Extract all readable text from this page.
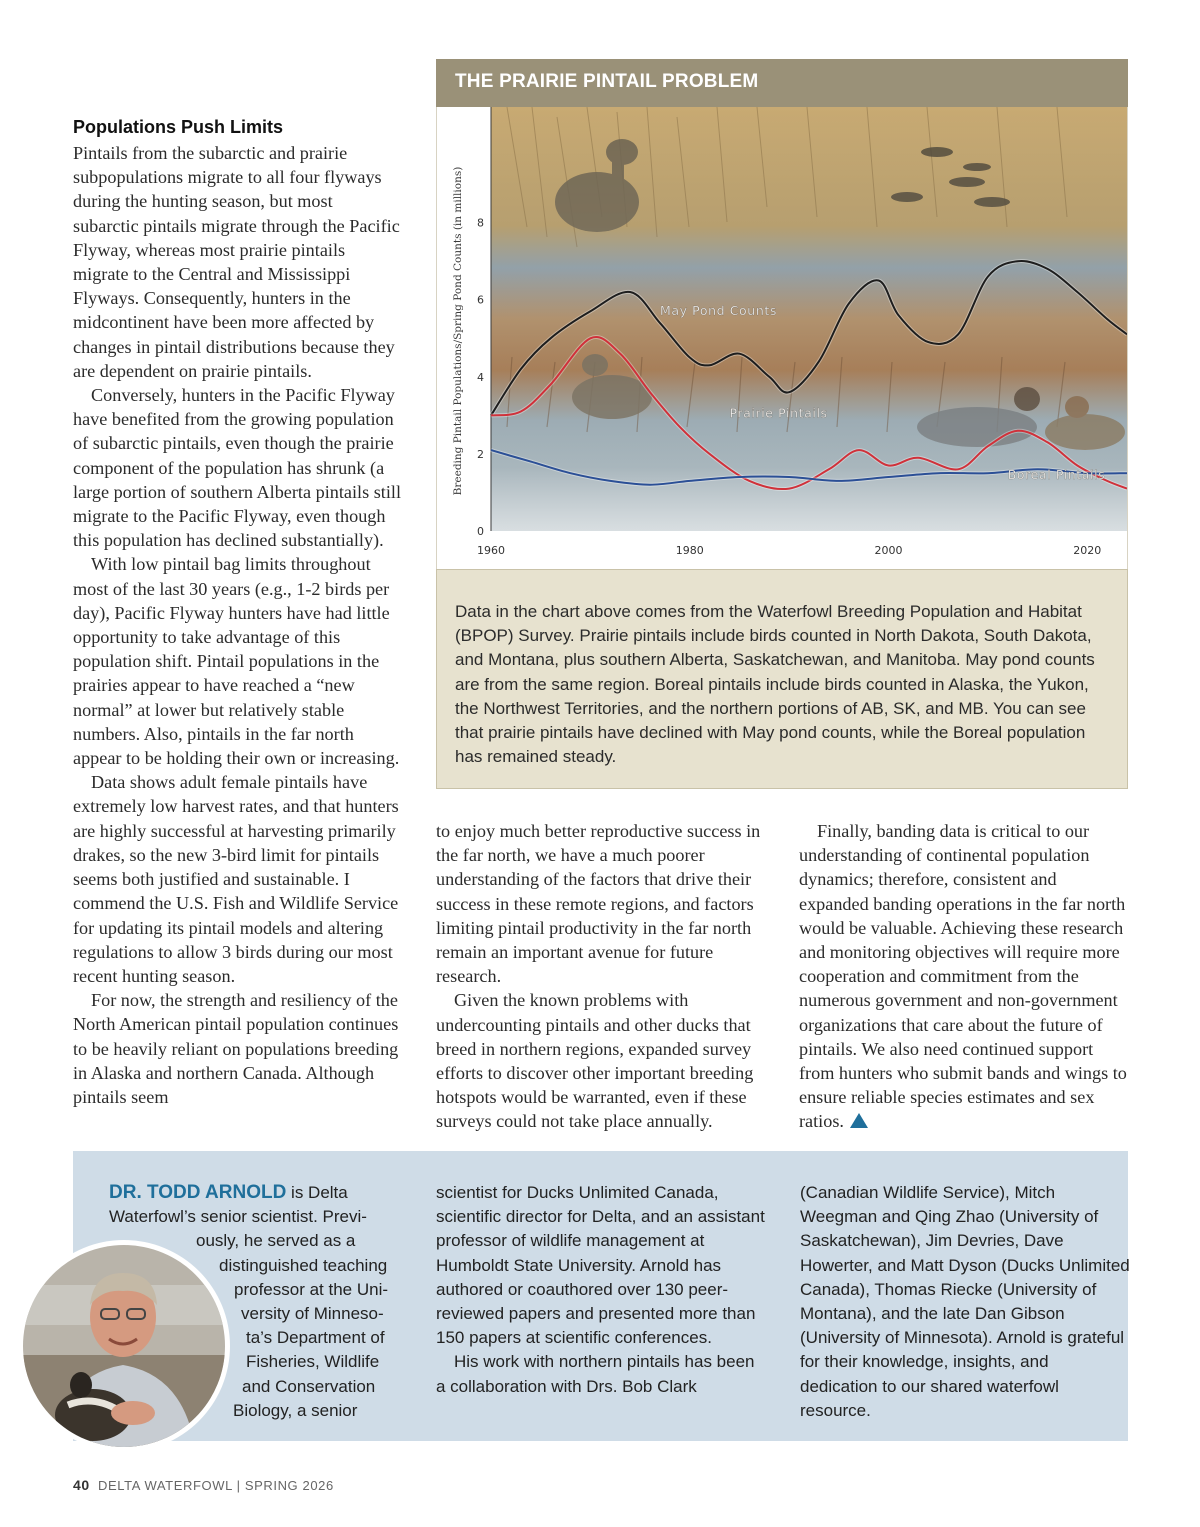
Populations Push Limits

Pintails from the subarctic and prairie subpopulations migrate to all four flyways during the hunting season, but most subarctic pintails migrate through the Pacific Flyway, whereas most prairie pintails migrate to the Central and Mississippi Flyways. Consequently, hunters in the midcontinent have been more affected by changes in pintail distributions because they are dependent on prairie pintails.

Conversely, hunters in the Pacific Flyway have benefited from the growing population of subarctic pintails, even though the prairie component of the population has shrunk (a large portion of southern Alberta pintails still migrate to the Pacific Flyway, even though this population has declined substantially).

With low pintail bag limits throughout most of the last 30 years (e.g., 1-2 birds per day), Pacific Flyway hunters have had little opportunity to take advantage of this population shift. Pintail populations in the prairies appear to have reached a “new normal” at lower but relatively stable numbers. Also, pintails in the far north appear to be holding their own or increasing.

Data shows adult female pintails have extremely low harvest rates, and that hunters are highly successful at harvesting primarily drakes, so the new 3-bird limit for pintails seems both justified and sustainable. I commend the U.S. Fish and Wildlife Service for updating its pintail models and altering regulations to allow 3 birds during our most recent hunting season.

For now, the strength and resiliency of the North American pintail population continues to be heavily reliant on populations breeding in Alaska and northern Canada. Although pintails seem

THE PRAIRIE PINTAIL PROBLEM
0
2
4
6
8
1960	1980	2000	2020
May Pond Counts
Prairie Pintails
Boreal Pintails
Breeding Pintail Populations/Spring Pond Counts (in millions)
Data in the chart above comes from the Waterfowl Breeding Population and Habitat (BPOP) Survey. Prairie pintails include birds counted in North Dakota, South Dakota, and Montana, plus southern Alberta, Saskatchewan, and Manitoba. May pond counts are from the same region. Boreal pintails include birds counted in Alaska, the Yukon, the Northwest Territories, and the northern portions of AB, SK, and MB. You can see that prairie pintails have declined with May pond counts, while the Boreal population has remained steady.

to enjoy much better reproductive success in the far north, we have a much poorer understanding of the factors that drive their success in these remote regions, and factors limiting pintail productivity in the far north remain an important avenue for future research.

Given the known problems with undercounting pintails and other ducks that breed in northern regions, expanded survey efforts to discover other important breeding hotspots would be warranted, even if these surveys could not take place annually.

Finally, banding data is critical to our understanding of continental population dynamics; therefore, consistent and expanded banding operations in the far north would be valuable. Achieving these research and monitoring objectives will require more cooperation and commitment from the numerous government and non-government organizations that care about the future of pintails. We also need continued support from hunters who submit bands and wings to ensure reliable species estimates and sex ratios.

DR. TODD ARNOLD is Delta
Waterfowl’s senior scientist. Previ-
ously, he served as a
distinguished teaching
professor at the Uni-
versity of Minneso-
ta’s Department of
Fisheries, Wildlife
and Conservation
Biology, a senior

scientist for Ducks Unlimited Canada, scientific director for Delta, and an assistant professor of wildlife management at Humboldt State University. Arnold has authored or coauthored over 130 peer-reviewed papers and presented more than 150 papers at scientific conferences.

His work with northern pintails has been a collaboration with Drs. Bob Clark

(Canadian Wildlife Service), Mitch Weegman and Qing Zhao (University of Saskatchewan), Jim Devries, Dave Howerter, and Matt Dyson (Ducks Unlimited Canada), Thomas Riecke (University of Montana), and the late Dan Gibson (University of Minnesota). Arnold is grateful for their knowledge, insights, and dedication to our shared waterfowl resource.

40 DELTA WATERFOWL | SPRING 2026
